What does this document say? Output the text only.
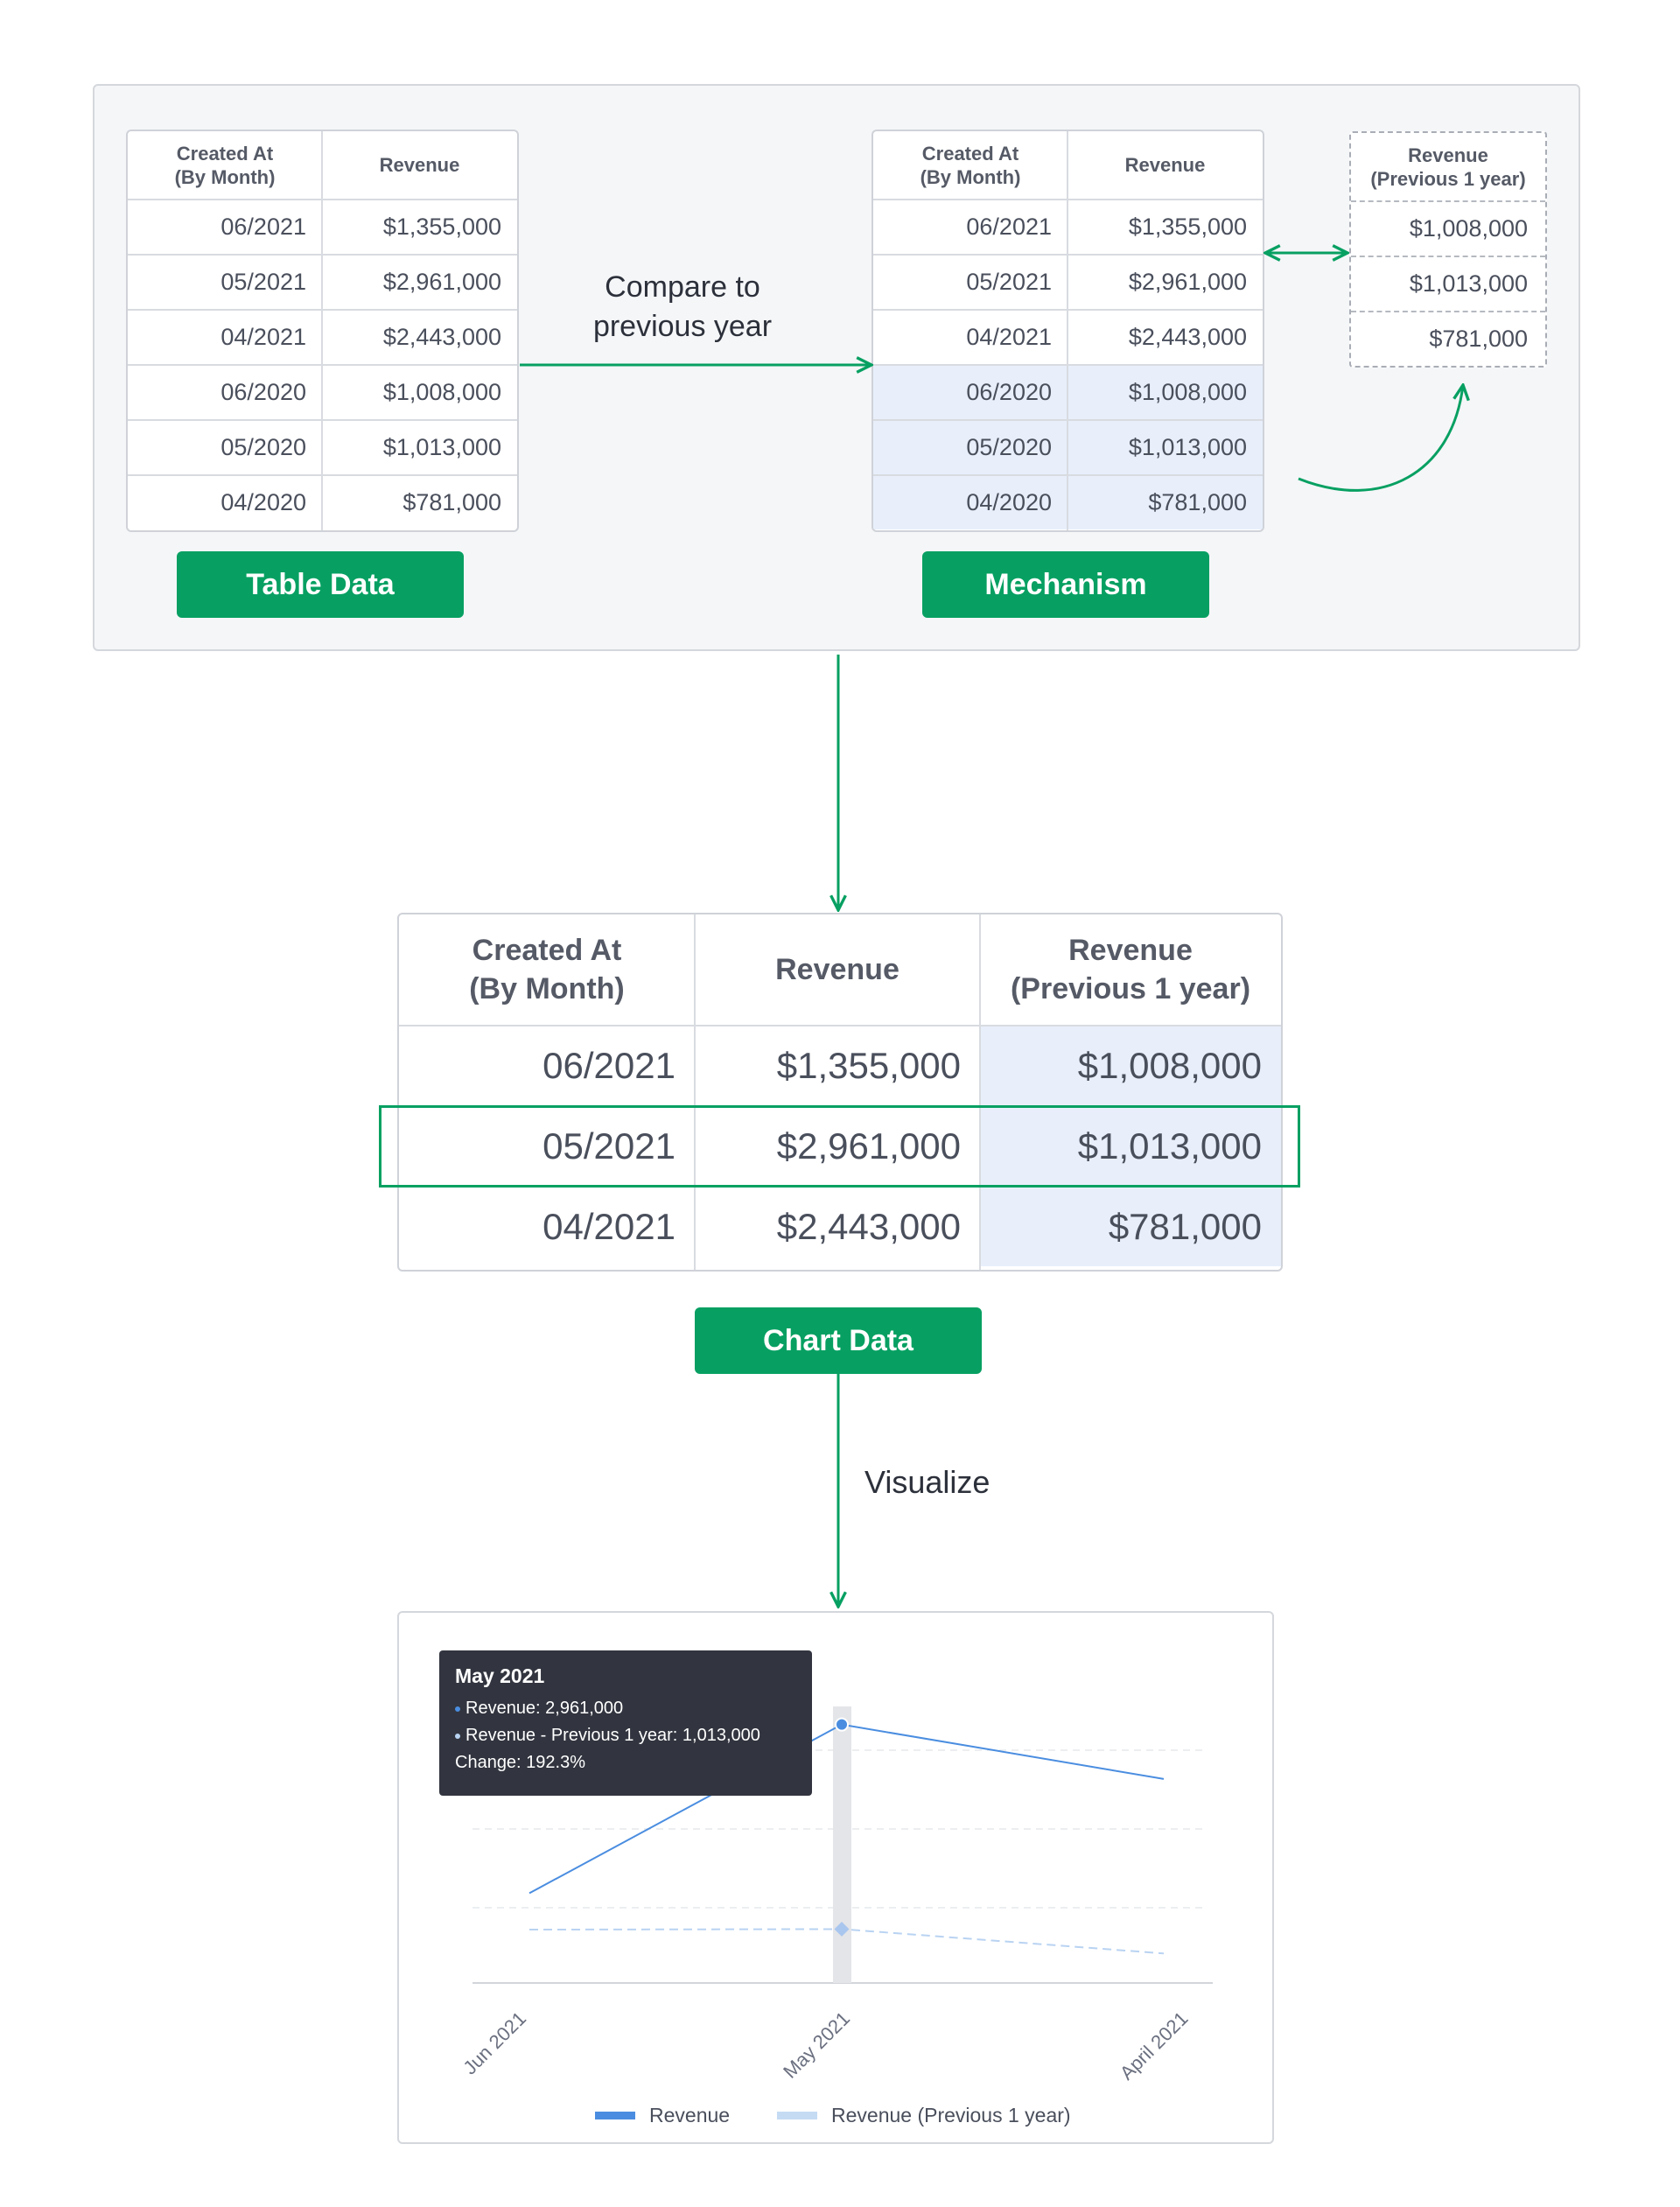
Created At
(By Month)
Revenue
06/2021	$1,355,000
05/2021	$2,961,000
04/2021	$2,443,000
06/2020	$1,008,000
05/2020	$1,013,000
04/2020	$781,000
Table Data
Compare to
previous year
Created At
(By Month)
Revenue
06/2021	$1,355,000
05/2021	$2,961,000
04/2021	$2,443,000
06/2020	$1,008,000
05/2020	$1,013,000
04/2020	$781,000
Mechanism
Revenue
(Previous 1 year)
$1,008,000
$1,013,000
$781,000
Created At
(By Month)
Revenue
Revenue
(Previous 1 year)
06/2021	$1,355,000	$1,008,000
05/2021	$2,961,000	$1,013,000
04/2021	$2,443,000	$781,000
Chart Data
Visualize
May 2021
Revenue: 2,961,000
Revenue - Previous 1 year: 1,013,000
Change: 192.3%
Jun 2021	May 2021	April 2021
Revenue	Revenue (Previous 1 year)
